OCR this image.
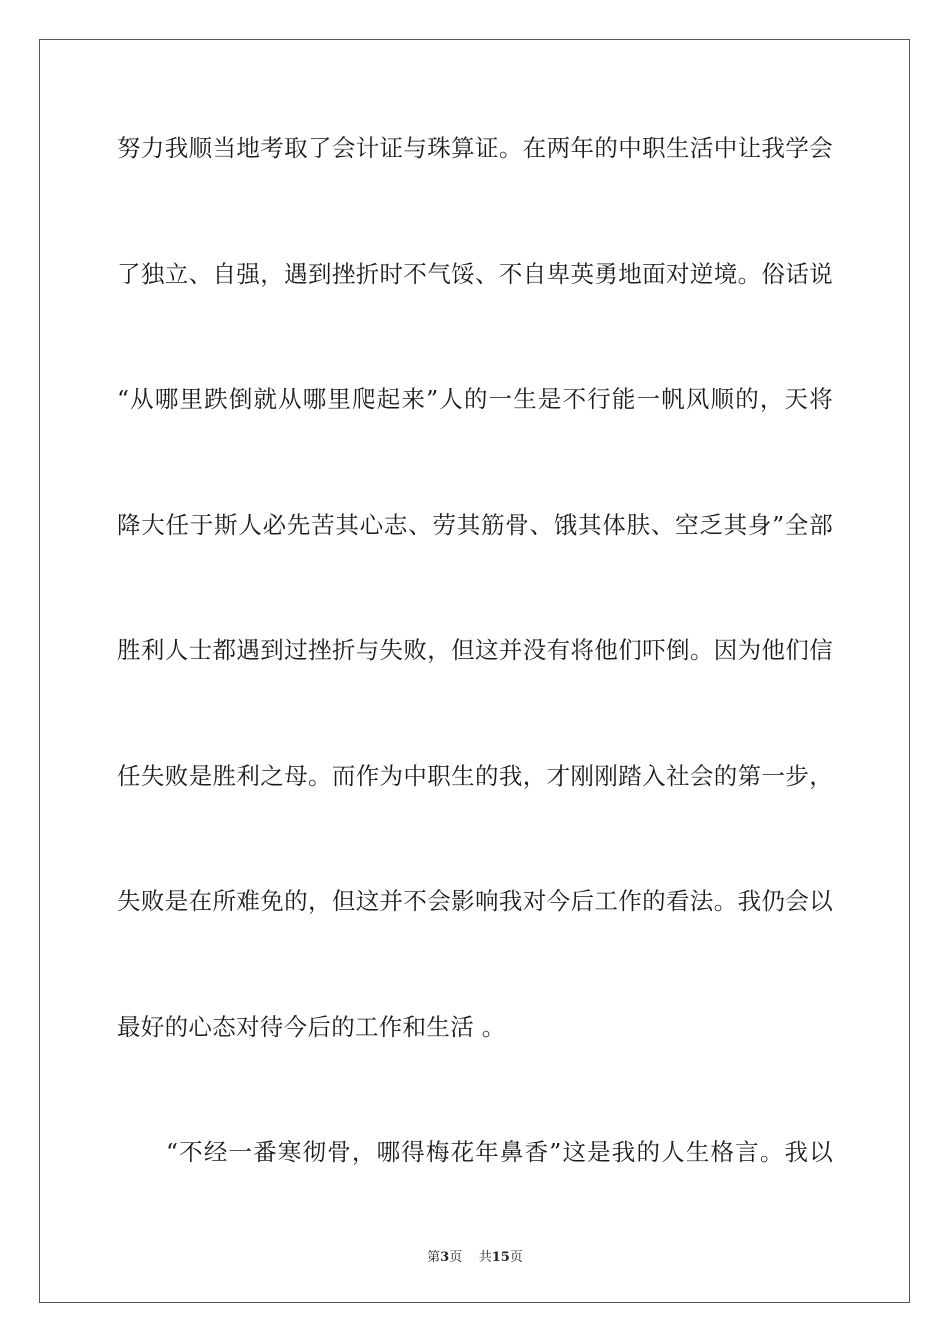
努力我顺当地考取了会计证与珠算证。在两年的中职生活中让我学会
了独立、自强，遇到挫折时不气馁、不自卑英勇地面对逆境。俗话说
“从哪里跌倒就从哪里爬起来”人的一生是不行能一帆风顺的，天将
降大任于斯人必先苦其心志、劳其筋骨、饿其体肤、空乏其身”全部
胜利人士都遇到过挫折与失败，但这并没有将他们吓倒。因为他们信
任失败是胜利之母。而作为中职生的我，才刚刚踏入社会的第一步，
失败是在所难免的，但这并不会影响我对今后工作的看法。我仍会以
最好的心态对待今后的工作和生活 。
“不经一番寒彻骨，哪得梅花年鼻香”这是我的人生格言。我以
第3页 共15页
